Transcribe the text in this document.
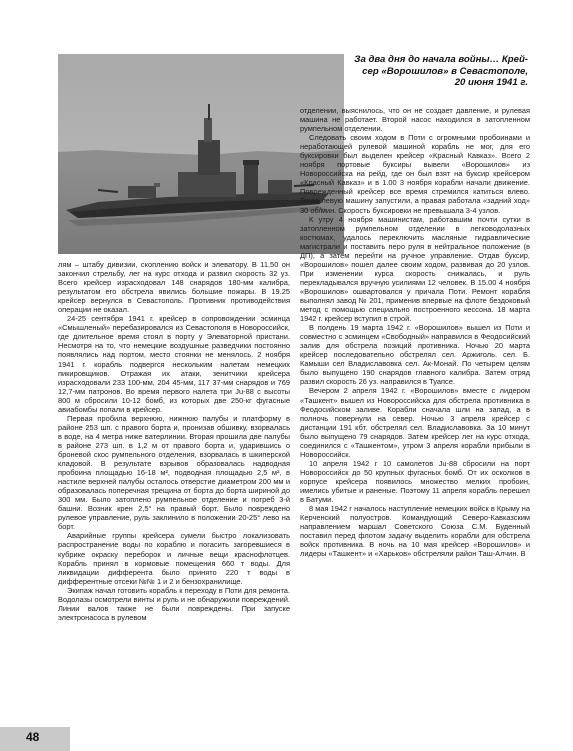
За два дня до начала войны… Крей-
сер «Ворошилов» в Севастополе,
20 июня 1941 г.

лям – штабу дивизии, скоплению войск и элеватору. В 11.50 он закончил стрельбу, лег на курс отхода и развил скорость 32 уз. Всего крейсер израсходовал 148 снарядов 180-мм калибра, результатом его обстрела явились большие пожары. В 19.25 крейсер вернулся в Севастополь. Противник противодействия операции не оказал.

24-25 сентября 1941 г. крейсер в сопровождении эсминца «Смышленый» перебазировался из Севастополя в Новороссийск, где длительное время стоял в порту у Элеваторной пристани. Несмотря на то, что немецкие воздушные разведчики постоянно появлялись над портом, место стоянки не менялось. 2 ноября 1941 г. корабль подвергся нескольким налетам немецких пикировщиков. Отражая их атаки, зенитчики крейсера израсходовали 233 100-мм, 204 45-мм, 117 37-мм снарядов и 769 12,7-мм патронов. Во время первого налета три Ju-88 с высоты 800 м сбросили 10-12 бомб, из которых две 250-кг фугасные авиабомбы попали в крейсер.

Первая пробила верхнюю, нижнюю палубы и платформу в районе 253 шп. с правого борта и, пронизав обшивку, взорвалась в воде, на 4 метра ниже ватерлинии. Вторая прошила две палубы в районе 273 шп. в 1,2 м от правого борта и, ударившись о броневой скос румпельного отделения, взорвалась в шкиперской кладовой. В результате взрывов образовалась надводная пробоина площадью 16-18 м², подводная площадью 2,5 м², в настиле верхней палубы осталось отверстие диаметром 200 мм и образовалась поперечная трещина от борта до борта шириной до 300 мм. Было затоплено румпельное отделение и погреб 3-й башни. Возник крен 2,5° на правый борт. Было повреждено рулевое управление, руль заклинило в положении 20-25° лево на борт.

Аварийные группы крейсера сумели быстро локализовать распространение воды по кораблю и погасить загоревшиеся в кубрике окраску переборок и личные вещи краснофлотцев. Корабль принял в кормовые помещения 660 т воды. Для ликвидации дифферента было принято 220 т воды в дифферентные отсеки №№ 1 и 2 и бензохранилище.

Экипаж начал готовить корабль к переходу в Поти для ремонта. Водолазы осмотрели винты и руль и не обнаружили повреждений. Линии валов также не были повреждены. При запуске электронасоса в рулевом

отделении, выяснилось, что он не создает давление, и рулевая машина не работает. Второй насос находился в затопленном румпельном отделении.

Следовать своим ходом в Поти с огромными пробоинами и неработающей рулевой машиной корабль не мог, для его буксировки был выделен крейсер «Красный Кавказ». Всего 2 ноября портовые буксиры вывели «Ворошилов» из Новороссийска на рейд, где он был взят на буксир крейсером «Красный Кавказ» и в 1.00 3 ноября корабли начали движение. Поврежденный крейсер все время стремился катиться влево. Тогда левую машину запустили, а правая работала «задний ход» 30 об/мин. Скорость буксировки не превышала 3-4 узлов.

К утру 4 ноября машинистам, работавшим почти сутки в затопленном румпельном отделении в легководолазных костюмах, удалось переключить масляные гидравлические магистрали и поставить перо руля в нейтральное положение (в ДП), а затем перейти на ручное управление. Отдав буксир, «Ворошилов» пошел далее своим ходом, развивая до 20 узлов. При изменении курса скорость снижалась, и руль перекладывался вручную усилиями 12 человек. В 15.00 4 ноября «Ворошилов» ошвартовался у причала Поти. Ремонт корабля выполнял завод № 201, применив впервые на флоте бездоковый метод с помощью специально построенного кессона. 18 марта 1942 г. крейсер вступил в строй.

В полдень 19 марта 1942 г. «Ворошилов» вышел из Поти и совместно с эсминцем «Свободный» направился в Феодосийский залив для обстрела позиций противника. Ночью 20 марта крейсер последовательно обстрелял сел. Аржиголь. сел. Б. Камыши сел Владиславовка сел. Ак-Монай. По четырем целям было выпущено 190 снарядов главного калибра. Затем отряд развил скорость 26 уз. направился в Туапсе.

Вечером 2 апреля 1942 г. «Ворошилов» вместе с лидером «Ташкент» вышел из Новороссийска для обстрела противника в Феодосийском заливе. Корабли сначала шли на запад, а в полночь повернули на север. Ночью 3 апреля крейсер с дистанции 191 кбт. обстрелял сел. Владиславовка. За 10 минут было выпущено 79 снарядов. Затем крейсер лег на курс отхода, соединился с «Ташкентом», утром 3 апреля корабли прибыли в Новороссийск.

10 апреля 1942 г 10 самолетов Ju-88 сбросили на порт Новороссийск до 50 крупных фугасных бомб. От их осколков в корпусе крейсера появилось множество мелких пробоин, имелись убитые и раненые. Поэтому 11 апреля корабль перешел в Батуми.

8 мая 1942 г началось наступление немецких войск в Крыму на Керченский полуостров. Командующий Северо-Кавказским направлением маршал Советского Союза С.М. Буденный поставил перед флотом задачу выделить корабли для обстрела войск противника. В ночь на 10 мая крейсер «Ворошилов» и лидеры «Ташкент» и «Харьков» обстреляли район Таш-Алчин. В

48
